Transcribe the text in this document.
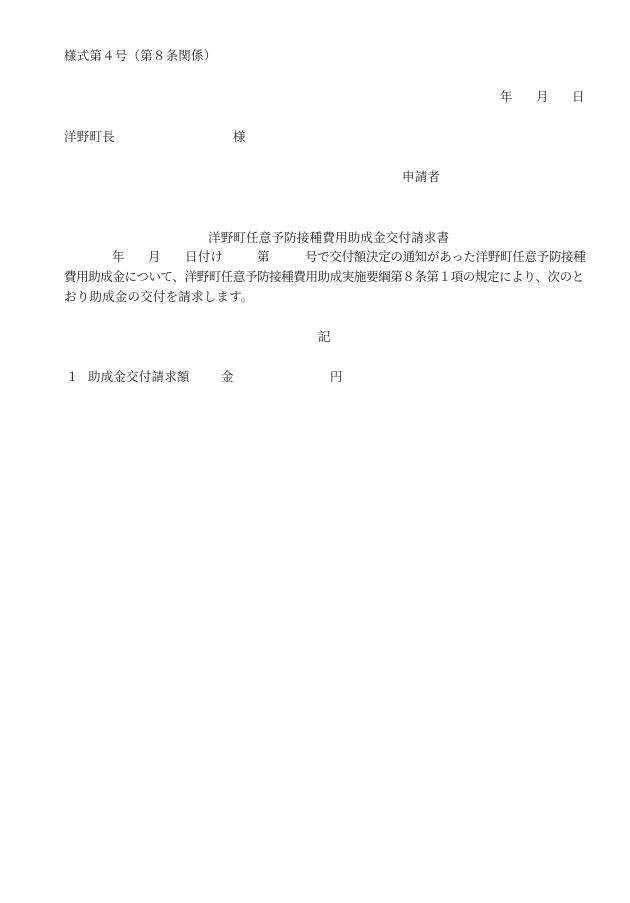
様式第４号（第８条関係）
年 月 日
洋野町長	様
申請者
洋野町任意予防接種費用助成金交付請求書
年 月 日付け	第	号で交付額決定の通知があった洋野町任意予防接種
費用助成金について、洋野町任意予防接種費用助成実施要綱第８条第１項の規定により、次のと
おり助成金の交付を請求します。
記
１ 助成金交付請求額	金	円
